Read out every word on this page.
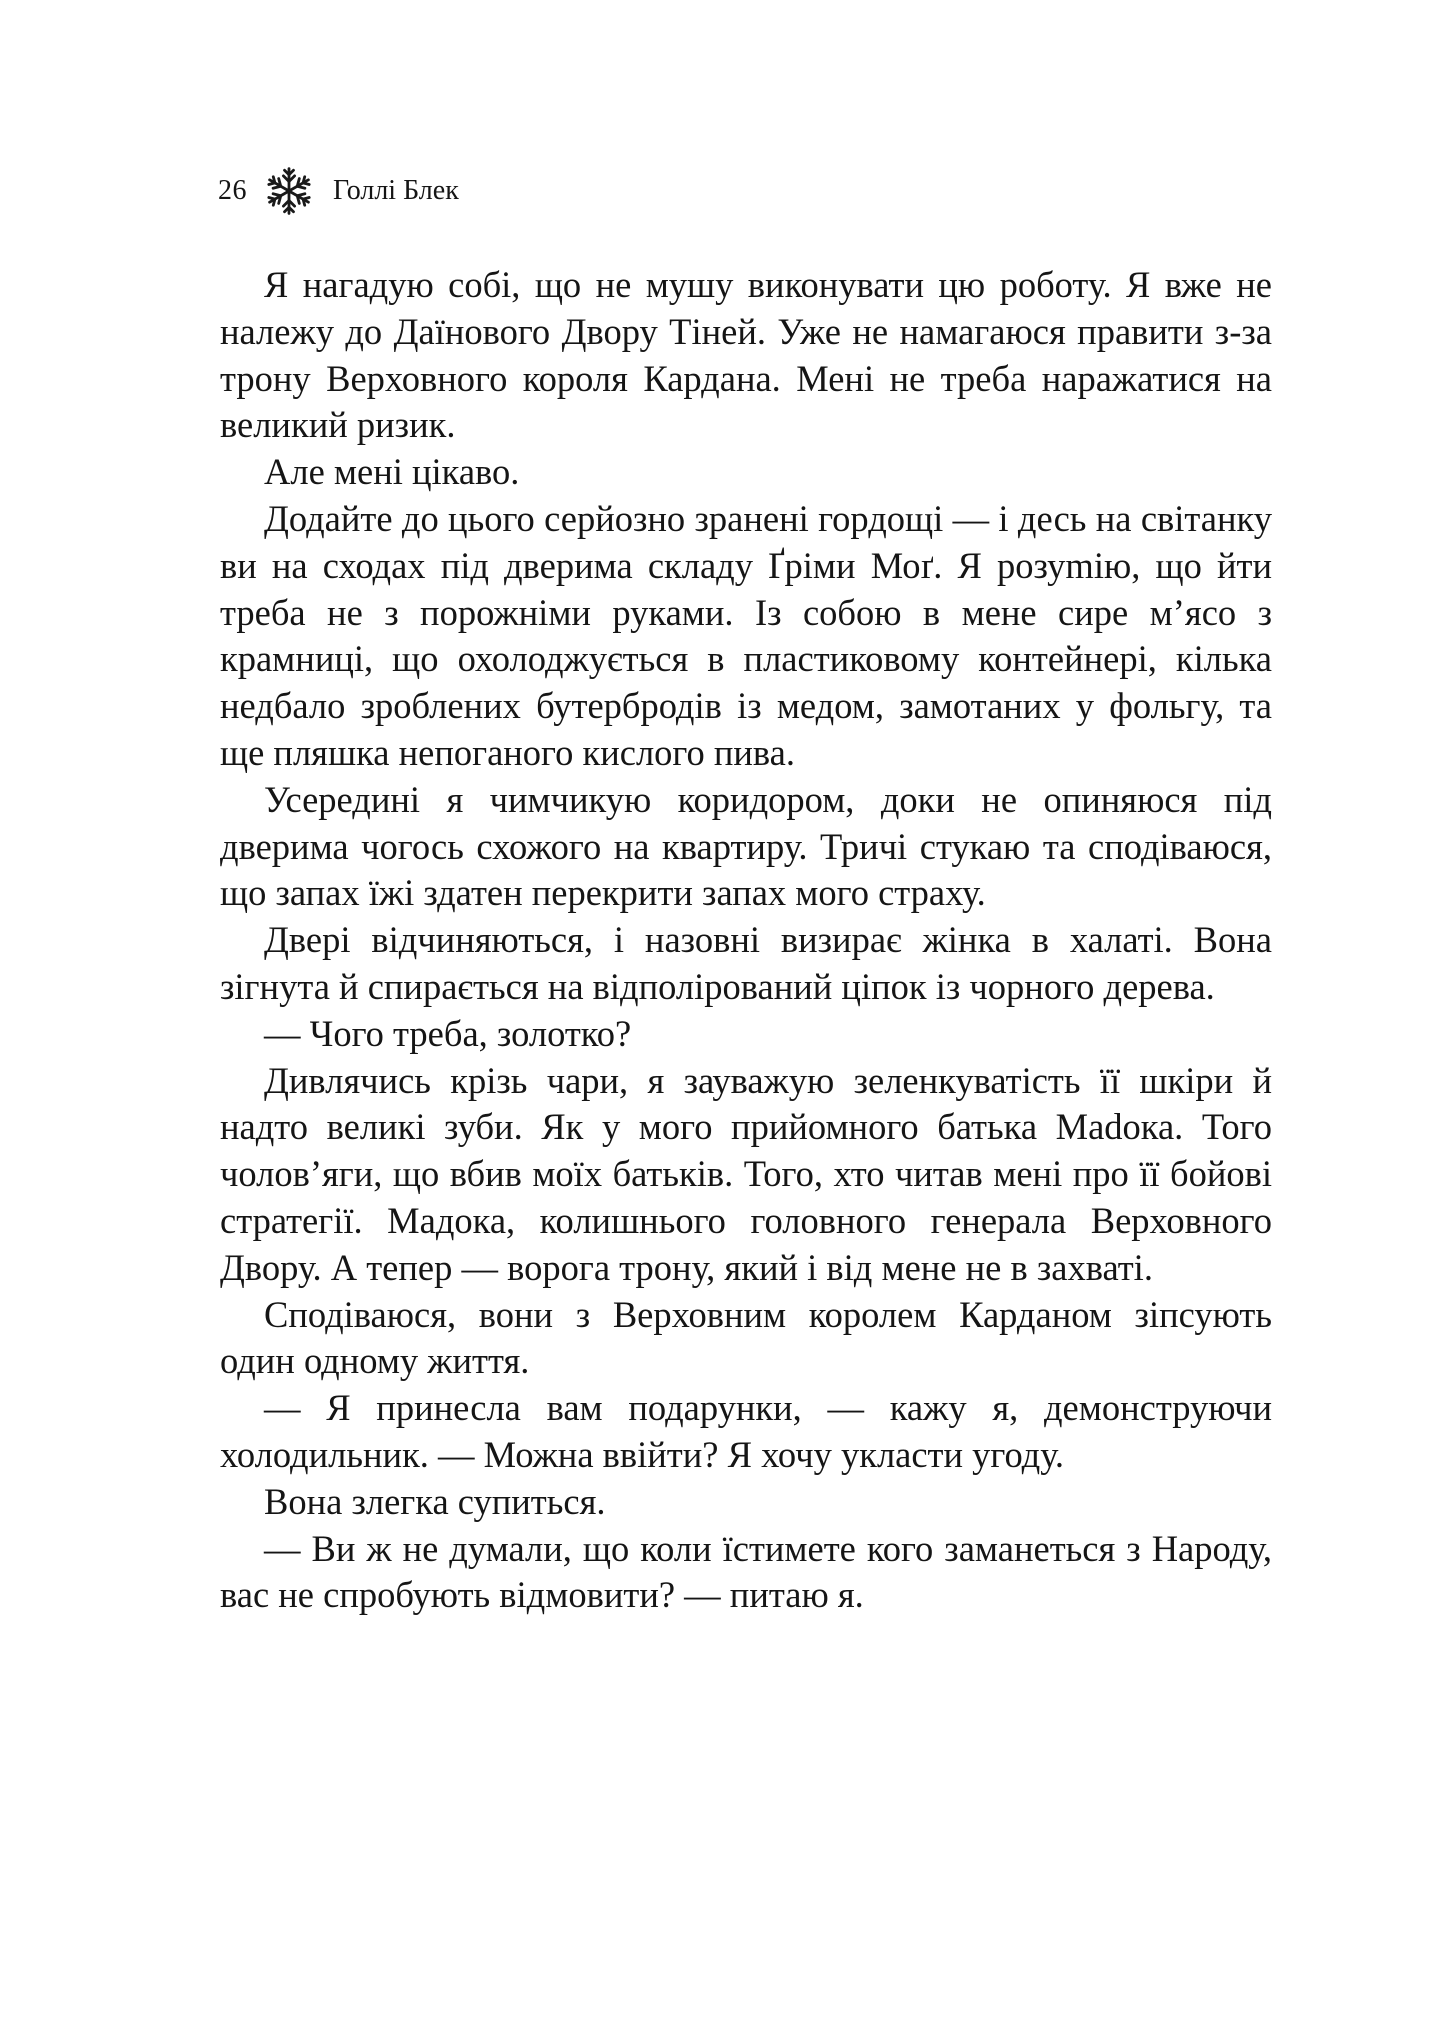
26	Голлі Блек

Я нагадую собі, що не мушу виконувати цю роботу. Я вже не належу до Даїнового Двору Тіней. Уже не намагаюся правити з-за трону Верховного короля Кардана. Мені не треба наражатися на великий ризик.

Але мені цікаво.

Додайте до цього серйозно зранені гордощі — і десь на світанку ви на сходах під дверима складу Ґріми Моґ. Я розуmію, що йти треба не з порожніми руками. Із собою в мене сире м’ясо з крамниці, що охолоджується в пластиковому контейнері, кілька недбало зроблених бутербродів із медом, замотаних у фольгу, та ще пляшка непоганого кислого пива.

Усередині я чимчикую коридором, доки не опиняюся під дверима чогось схожого на квартиру. Тричі стукаю та сподіваюся, що запах їжі здатен перекрити запах мого страху.

Двері відчиняються, і назовні визирає жінка в халаті. Вона зігнута й спирається на відполірований ціпок із чорного дерева.

— Чого треба, золотко?

Дивлячись крізь чари, я зауважую зеленкуватість її шкіри й надто великі зуби. Як у мого прийомного батька Маdока. Того чолов’яги, що вбив моїх батьків. Того, хто читав мені про її бойові стратегії. Мадока, колишнього головного генерала Верховного Двору. А тепер — ворога трону, який і від мене не в захваті.

Сподіваюся, вони з Верховним королем Карданом зіпсують один одному життя.

— Я принесла вам подарунки, — кажу я, демонструючи холодильник. — Можна ввійти? Я хочу укласти угоду.

Вона злегка супиться.

— Ви ж не думали, що коли їстимете кого заманеться з Народу, вас не спробують відмовити? — питаю я.
